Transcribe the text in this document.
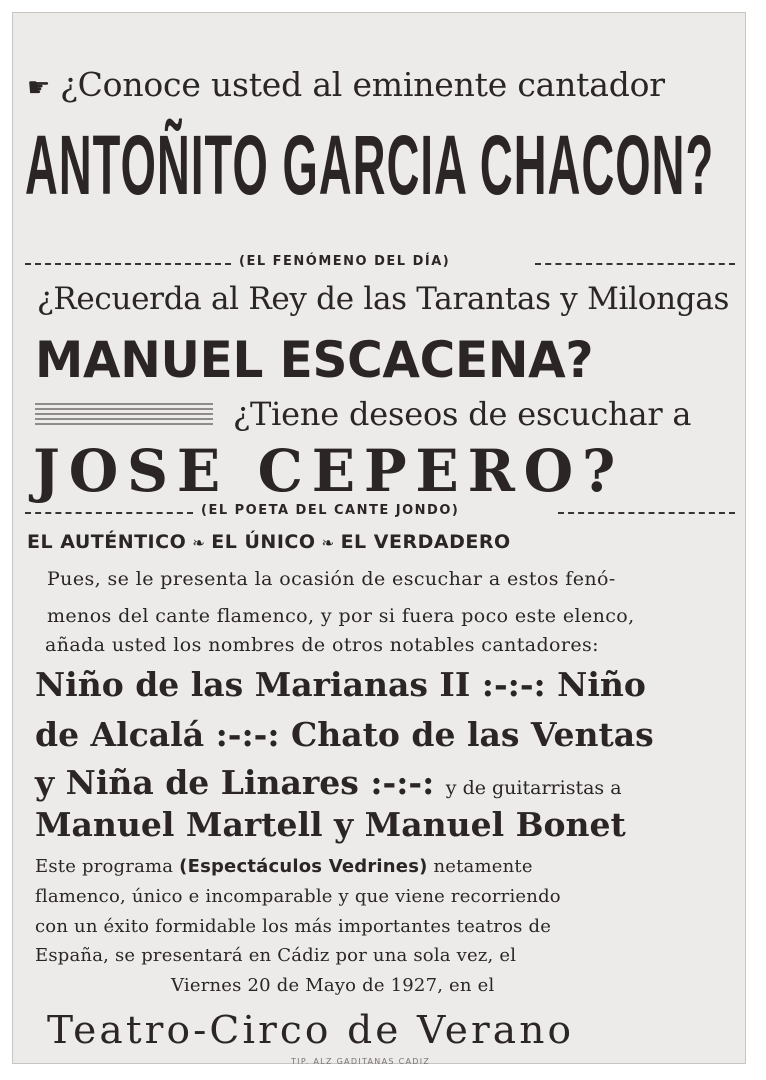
☛ ¿Conoce usted al eminente cantador
ANTOÑITO GARCIA CHACON?
(EL FENÓMENO DEL DÍA)
¿Recuerda al Rey de las Tarantas y Milongas
MANUEL ESCACENA?
¿Tiene deseos de escuchar a
JOSE CEPERO?
(EL POETA DEL CANTE JONDO)
EL AUTÉNTICO ❧ EL ÚNICO ❧ EL VERDADERO
Pues, se le presenta la ocasión de escuchar a estos fenó-
menos del cante flamenco, y por si fuera poco este elenco,
añada usted los nombres de otros notables cantadores:
Niño de las Marianas II :-:-: Niño
de Alcalá :-:-: Chato de las Ventas
y Niña de Linares :-:-: y de guitarristas a
Manuel Martell y Manuel Bonet
Este programa (Espectáculos Vedrines) netamente
flamenco, único e incomparable y que viene recorriendo
con un éxito formidable los más importantes teatros de
España, se presentará en Cádiz por una sola vez, el
Viernes 20 de Mayo de 1927, en el
Teatro-Circo de Verano
TIP. ALZ GADITANAS CADIZ
